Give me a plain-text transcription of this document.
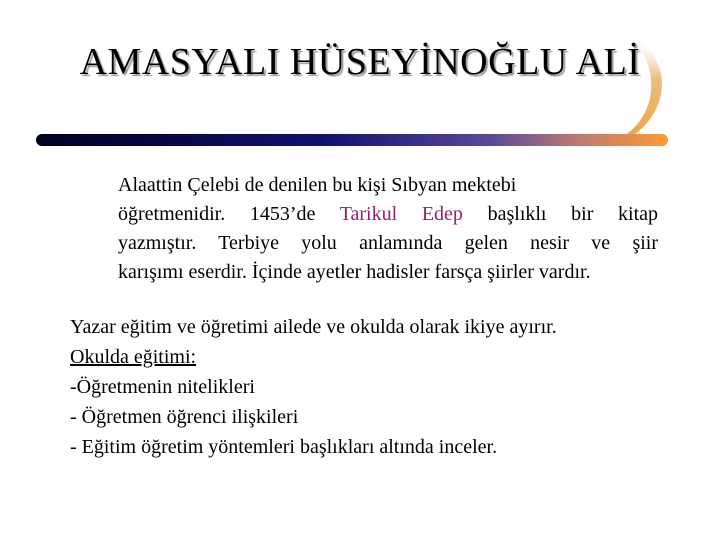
AMASYALI HÜSEYİNOĞLU ALİ
Alaattin Çelebi de denilen bu kişi Sıbyan mektebi
öğretmenidir. 1453’de Tarikul Edep başlıklı bir kitap
yazmıştır. Terbiye yolu anlamında gelen nesir ve şiir
karışımı eserdir. İçinde ayetler hadisler farsça şiirler vardır.
Yazar eğitim ve öğretimi ailede ve okulda olarak ikiye ayırır.
Okulda eğitimi:
-Öğretmenin nitelikleri
- Öğretmen öğrenci ilişkileri
- Eğitim öğretim yöntemleri başlıkları altında inceler.
